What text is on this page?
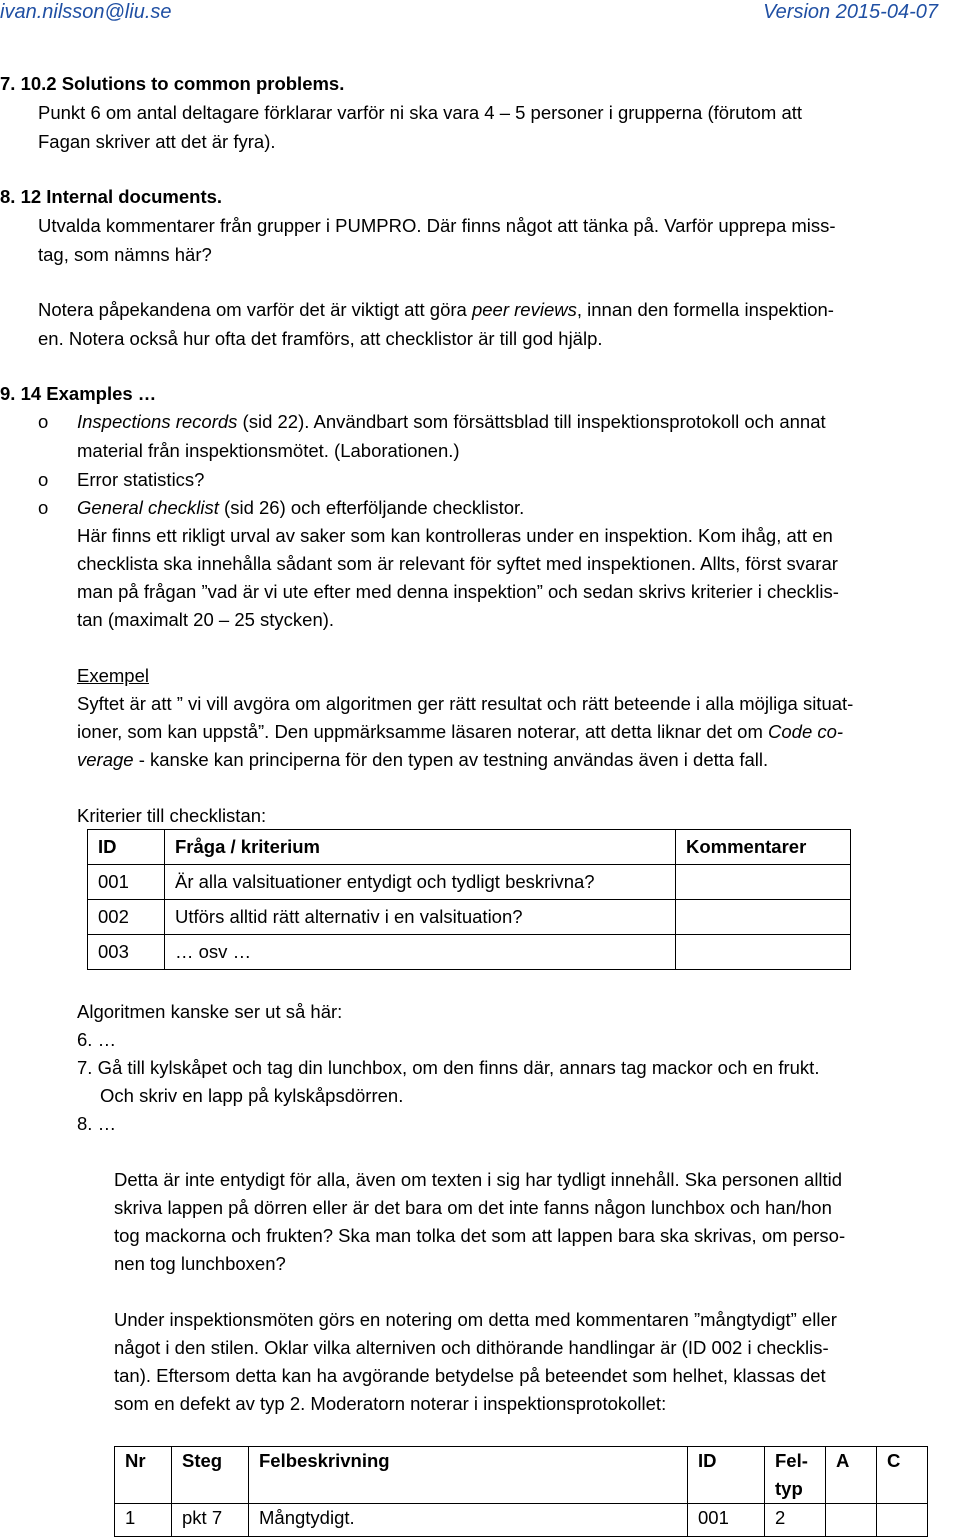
ivan.nilsson@liu.se	Version 2015-04-07
7. 10.2 Solutions to common problems.
Punkt 6 om antal deltagare förklarar varför ni ska vara 4 – 5 personer i grupperna (förutom att
Fagan skriver att det är fyra).
8. 12 Internal documents.
Utvalda kommentarer från grupper i PUMPRO. Där finns något att tänka på. Varför upprepa miss-
tag, som nämns här?
Notera påpekandena om varför det är viktigt att göra peer reviews, innan den formella inspektion-
en. Notera också hur ofta det framförs, att checklistor är till god hjälp.
9. 14 Examples …
o Inspections records (sid 22). Användbart som försättsblad till inspektionsprotokoll och annat
material från inspektionsmötet. (Laborationen.)
o Error statistics?
o General checklist (sid 26) och efterföljande checklistor.
Här finns ett rikligt urval av saker som kan kontrolleras under en inspektion. Kom ihåg, att en
checklista ska innehålla sådant som är relevant för syftet med inspektionen. Allts, först svarar
man på frågan ”vad är vi ute efter med denna inspektion” och sedan skrivs kriterier i checklis-
tan (maximalt 20 – 25 stycken).
Exempel
Syftet är att ” vi vill avgöra om algoritmen ger rätt resultat och rätt beteende i alla möjliga situat-
ioner, som kan uppstå”. Den uppmärksamme läsaren noterar, att detta liknar det om Code co-
verage - kanske kan principerna för den typen av testning användas även i detta fall.
Kriterier till checklistan:
ID	Fråga / kriterium	Kommentarer
001	Är alla valsituationer entydigt och tydligt beskrivna?	
002	Utförs alltid rätt alternativ i en valsituation?	
003	… osv …	
Algoritmen kanske ser ut så här:
6. …
7. Gå till kylskåpet och tag din lunchbox, om den finns där, annars tag mackor och en frukt.
Och skriv en lapp på kylskåpsdörren.
8. …
Detta är inte entydigt för alla, även om texten i sig har tydligt innehåll. Ska personen alltid
skriva lappen på dörren eller är det bara om det inte fanns någon lunchbox och han/hon
tog mackorna och frukten? Ska man tolka det som att lappen bara ska skrivas, om perso-
nen tog lunchboxen?
Under inspektionsmöten görs en notering om detta med kommentaren ”mångtydigt” eller
något i den stilen. Oklar vilka alterniven och dithörande handlingar är (ID 002 i checklis-
tan). Eftersom detta kan ha avgörande betydelse på beteendet som helhet, klassas det
som en defekt av typ 2. Moderatorn noterar i inspektionsprotokollet:
Nr	Steg	Felbeskrivning	ID	Fel-
typ	A	C
1	pkt 7	Mångtydigt.	001	2		
